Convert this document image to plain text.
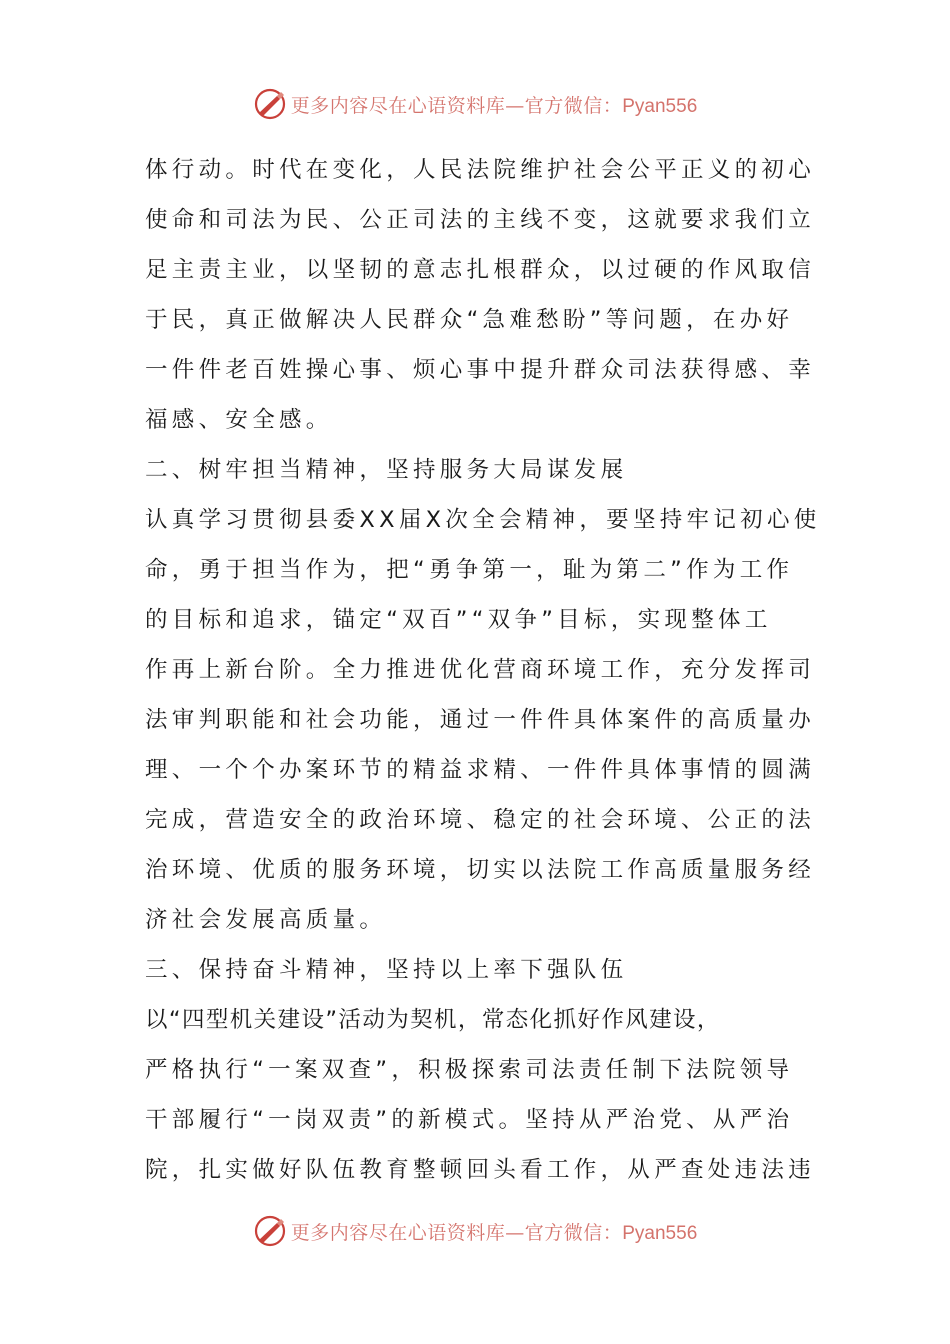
更多内容尽在心语资料库—官方微信：Pyan556
体行动。时代在变化，人民法院维护社会公平正义的初心
使命和司法为民、公正司法的主线不变，这就要求我们立
足主责主业，以坚韧的意志扎根群众，以过硬的作风取信
于民，真正做解决人民群众“急难愁盼”等问题，在办好
一件件老百姓操心事、烦心事中提升群众司法获得感、幸
福感、安全感。
二、树牢担当精神，坚持服务大局谋发展
认真学习贯彻县委XX届X次全会精神，要坚持牢记初心使
命，勇于担当作为，把“勇争第一，耻为第二”作为工作
的目标和追求，锚定“双百”“双争”目标，实现整体工
作再上新台阶。全力推进优化营商环境工作，充分发挥司
法审判职能和社会功能，通过一件件具体案件的高质量办
理、一个个办案环节的精益求精、一件件具体事情的圆满
完成，营造安全的政治环境、稳定的社会环境、公正的法
治环境、优质的服务环境，切实以法院工作高质量服务经
济社会发展高质量。
三、保持奋斗精神，坚持以上率下强队伍
以“四型机关建设”活动为契机，常态化抓好作风建设，
严格执行“一案双查”，积极探索司法责任制下法院领导
干部履行“一岗双责”的新模式。坚持从严治党、从严治
院，扎实做好队伍教育整顿回头看工作，从严查处违法违
更多内容尽在心语资料库—官方微信：Pyan556
